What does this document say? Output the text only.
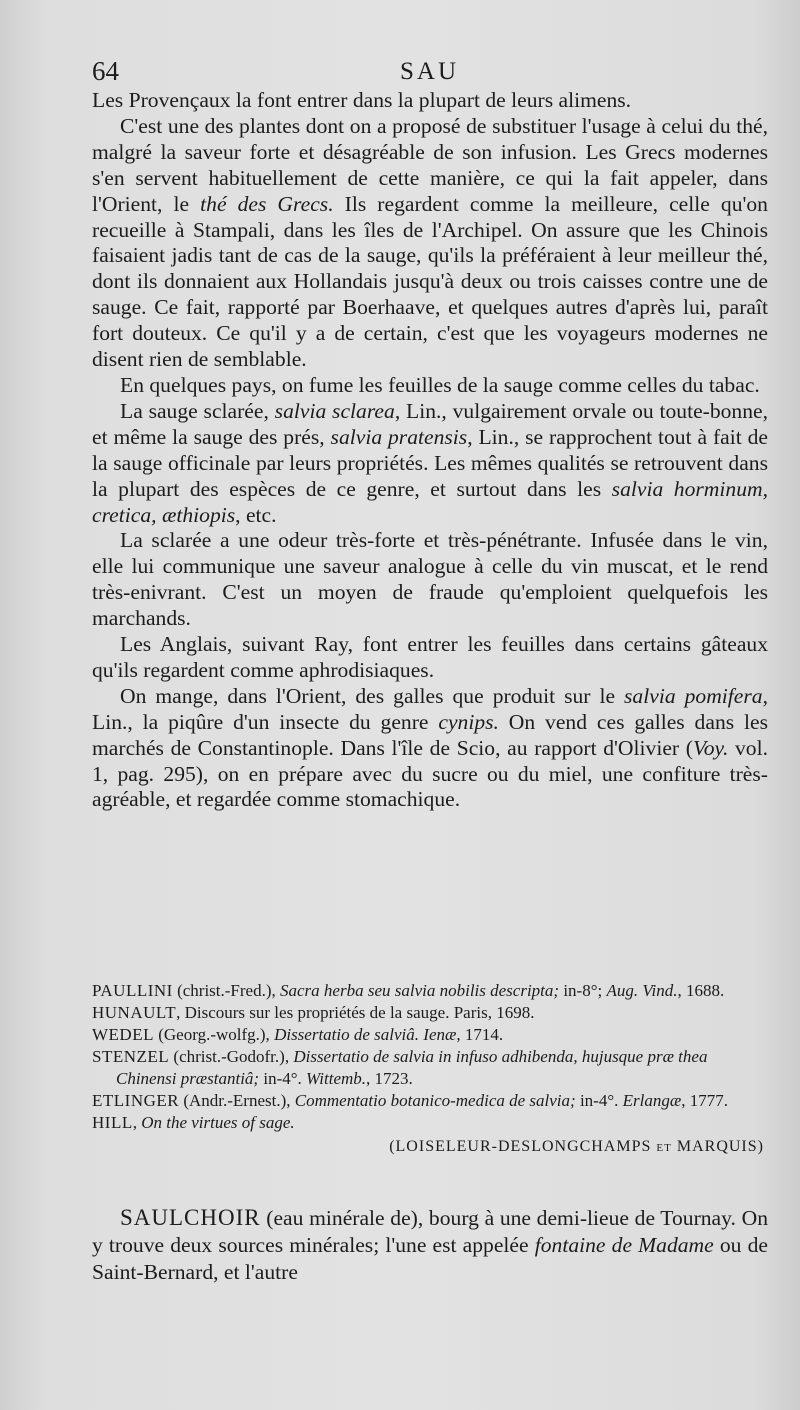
64	SAU

Les Provençaux la font entrer dans la plupart de leurs alimens.

C'est une des plantes dont on a proposé de substituer l'usage à celui du thé, malgré la saveur forte et désagréable de son infusion. Les Grecs modernes s'en servent habituellement de cette manière, ce qui la fait appeler, dans l'Orient, le thé des Grecs. Ils regardent comme la meilleure, celle qu'on recueille à Stampali, dans les îles de l'Archipel. On assure que les Chinois faisaient jadis tant de cas de la sauge, qu'ils la préféraient à leur meilleur thé, dont ils donnaient aux Hollandais jusqu'à deux ou trois caisses contre une de sauge. Ce fait, rapporté par Boerhaave, et quelques autres d'après lui, paraît fort douteux. Ce qu'il y a de certain, c'est que les voyageurs modernes ne disent rien de semblable.

En quelques pays, on fume les feuilles de la sauge comme celles du tabac.

La sauge sclarée, salvia sclarea, Lin., vulgairement orvale ou toute-bonne, et même la sauge des prés, salvia pratensis, Lin., se rapprochent tout à fait de la sauge officinale par leurs propriétés. Les mêmes qualités se retrouvent dans la plupart des espèces de ce genre, et surtout dans les salvia horminum, cretica, æthiopis, etc.

La sclarée a une odeur très-forte et très-pénétrante. Infusée dans le vin, elle lui communique une saveur analogue à celle du vin muscat, et le rend très-enivrant. C'est un moyen de fraude qu'emploient quelquefois les marchands.

Les Anglais, suivant Ray, font entrer les feuilles dans certains gâteaux qu'ils regardent comme aphrodisiaques.

On mange, dans l'Orient, des galles que produit sur le salvia pomifera, Lin., la piqûre d'un insecte du genre cynips. On vend ces galles dans les marchés de Constantinople. Dans l'île de Scio, au rapport d'Olivier (Voy. vol. 1, pag. 295), on en prépare avec du sucre ou du miel, une confiture très-agréable, et regardée comme stomachique.

PAULLINI (christ.-Fred.), Sacra herba seu salvia nobilis descripta; in-8°; Aug. Vind., 1688.

HUNAULT, Discours sur les propriétés de la sauge. Paris, 1698.

WEDEL (Georg.-wolfg.), Dissertatio de salviâ. Ienæ, 1714.

STENZEL (christ.-Godofr.), Dissertatio de salvia in infuso adhibenda, hujusque præ thea Chinensi præstantiâ; in-4°. Wittemb., 1723.

ETLINGER (Andr.-Ernest.), Commentatio botanico-medica de salvia; in-4°. Erlangæ, 1777.

HILL, On the virtues of sage.

(LOISELEUR-DESLONGCHAMPS et MARQUIS)

SAULCHOIR (eau minérale de), bourg à une demi-lieue de Tournay. On y trouve deux sources minérales; l'une est appelée fontaine de Madame ou de Saint-Bernard, et l'autre
